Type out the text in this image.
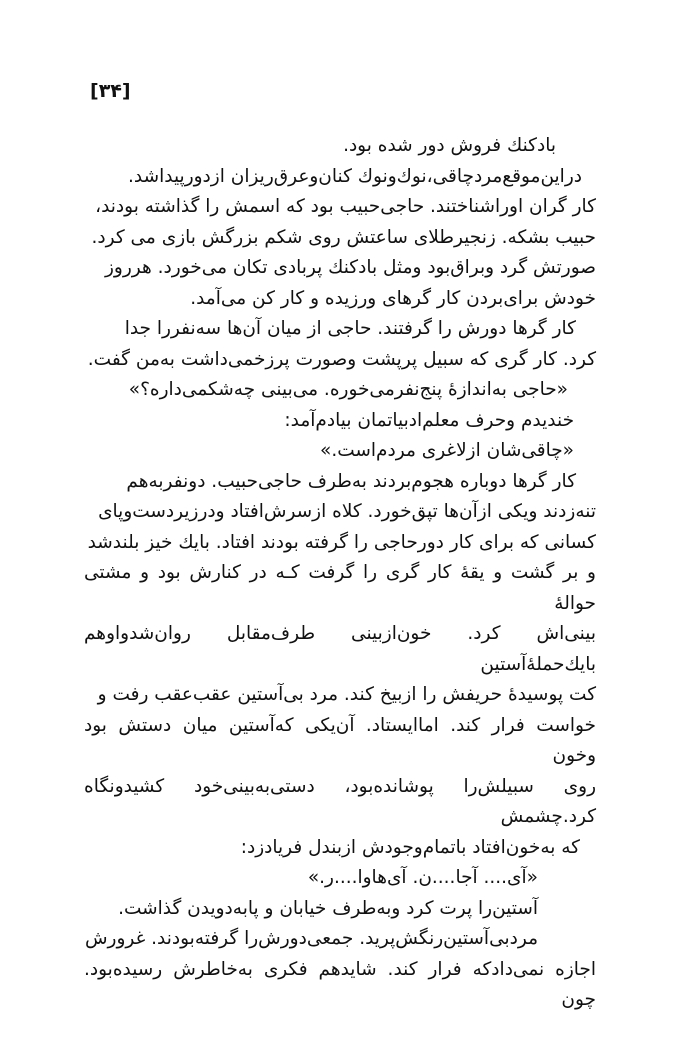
[۳۴]
بادکنك فروش دور شده بود.
دراین‌موقع‌مردچاقی،نوك‌ونوك کنان‌وعرق‌ریزان ازدورپیداشد.
کار گران اوراشناختند. حاجی‌حبیب بود که اسمش را گذاشته بودند،
حبیب بشکه. زنجیرطلای ساعتش روی شکم بزرگش بازی می کرد.
صورتش گرد وبراق‌بود ومثل بادکنك پربادی تکان می‌خورد. هرروز
خودش برای‌بردن کار گرهای ورزیده و کار کن می‌آمد.
کار گرها دورش را گرفتند. حاجی از میان آن‌ها سه‌نفررا جدا
کرد. کار گری که سبیل پرپشت وصورت پرزخمی‌داشت به‌من گفت.
«حاجی به‌اندازهٔ پنج‌نفرمی‌خوره. می‌بینی چه‌شکمی‌داره؟»
خندیدم وحرف معلم‌ادبیاتمان بیادم‌آمد:
«چاقی‌شان ازلاغری مردم‌است.»
کار گرها دوباره هجوم‌بردند به‌طرف حاجی‌حبیب. دونفربه‌هم
تنه‌زدند ویکی ازآن‌ها تپق‌خورد. کلاه ازسرش‌افتاد ودرزیردست‌وپای
کسانی که برای کار دورحاجی را گرفته بودند افتاد. بایك خیز بلندشد
و بر گشت و یقهٔ کار گری را گرفت کـه در کنارش بود و مشتی حوالهٔ
بینی‌اش کرد. خون‌ازبینی طرف‌مقابل روان‌شدواوهم بایك‌حملهٔ‌آستین
کت پوسیدهٔ حریفش را ازبیخ کند. مرد بی‌آستین عقب‌عقب رفت و
خواست فرار کند. اماایستاد. آن‌یکی که‌آستین میان دستش بود وخون
روی سبیلش‌را پوشانده‌بود، دستی‌به‌بینی‌خود کشیدونگاه کرد.چشمش
که به‌خون‌افتاد باتمام‌وجودش ازبندل فریادزد:
«آی.... آجا....ن. آی‌هاوا....ر.»
آستین‌را پرت کرد وبه‌طرف خیابان و پابه‌دویدن گذاشت.
مردبی‌آستین‌رنگش‌پرید. جمعی‌دورش‌را گرفته‌بودند. غرورش
اجازه نمی‌دادکه فرار کند. شایدهم فکری به‌خاطرش رسیده‌بود. چون
